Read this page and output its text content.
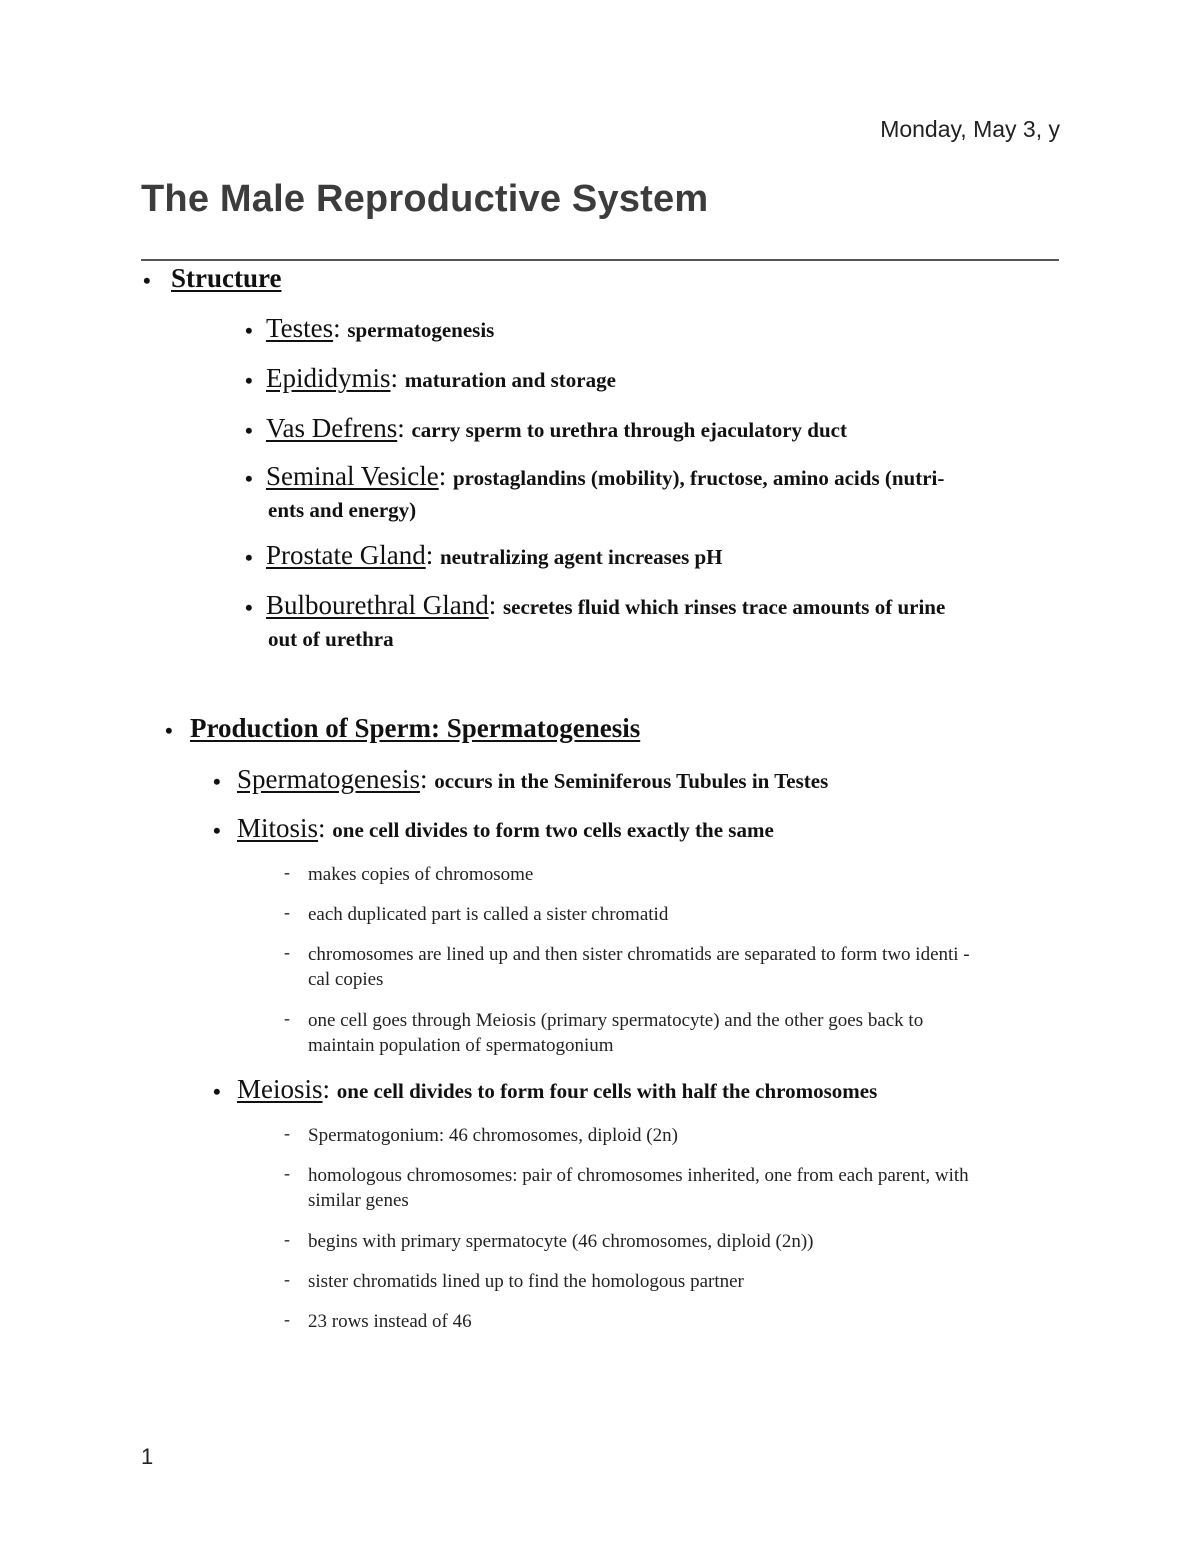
Monday, May 3, y
The Male Reproductive System
• Structure
• Testes: spermatogenesis
• Epididymis: maturation and storage
• Vas Defrens: carry sperm to urethra through ejaculatory duct
• Seminal Vesicle: prostaglandins (mobility), fructose, amino acids (nutri-
ents and energy)
• Prostate Gland: neutralizing agent increases pH
• Bulbourethral Gland: secretes fluid which rinses trace amounts of urine
out of urethra
• Production of Sperm: Spermatogenesis
• Spermatogenesis: occurs in the Seminiferous Tubules in Testes
• Mitosis: one cell divides to form two cells exactly the same
- makes copies of chromosome
- each duplicated part is called a sister chromatid
- chromosomes are lined up and then sister chromatids are separated to form two identi -
cal copies
- one cell goes through Meiosis (primary spermatocyte) and the other goes back to
maintain population of spermatogonium
• Meiosis: one cell divides to form four cells with half the chromosomes
- Spermatogonium: 46 chromosomes, diploid (2n)
- homologous chromosomes: pair of chromosomes inherited, one from each parent, with
similar genes
- begins with primary spermatocyte (46 chromosomes, diploid (2n))
- sister chromatids lined up to find the homologous partner
- 23 rows instead of 46
1
